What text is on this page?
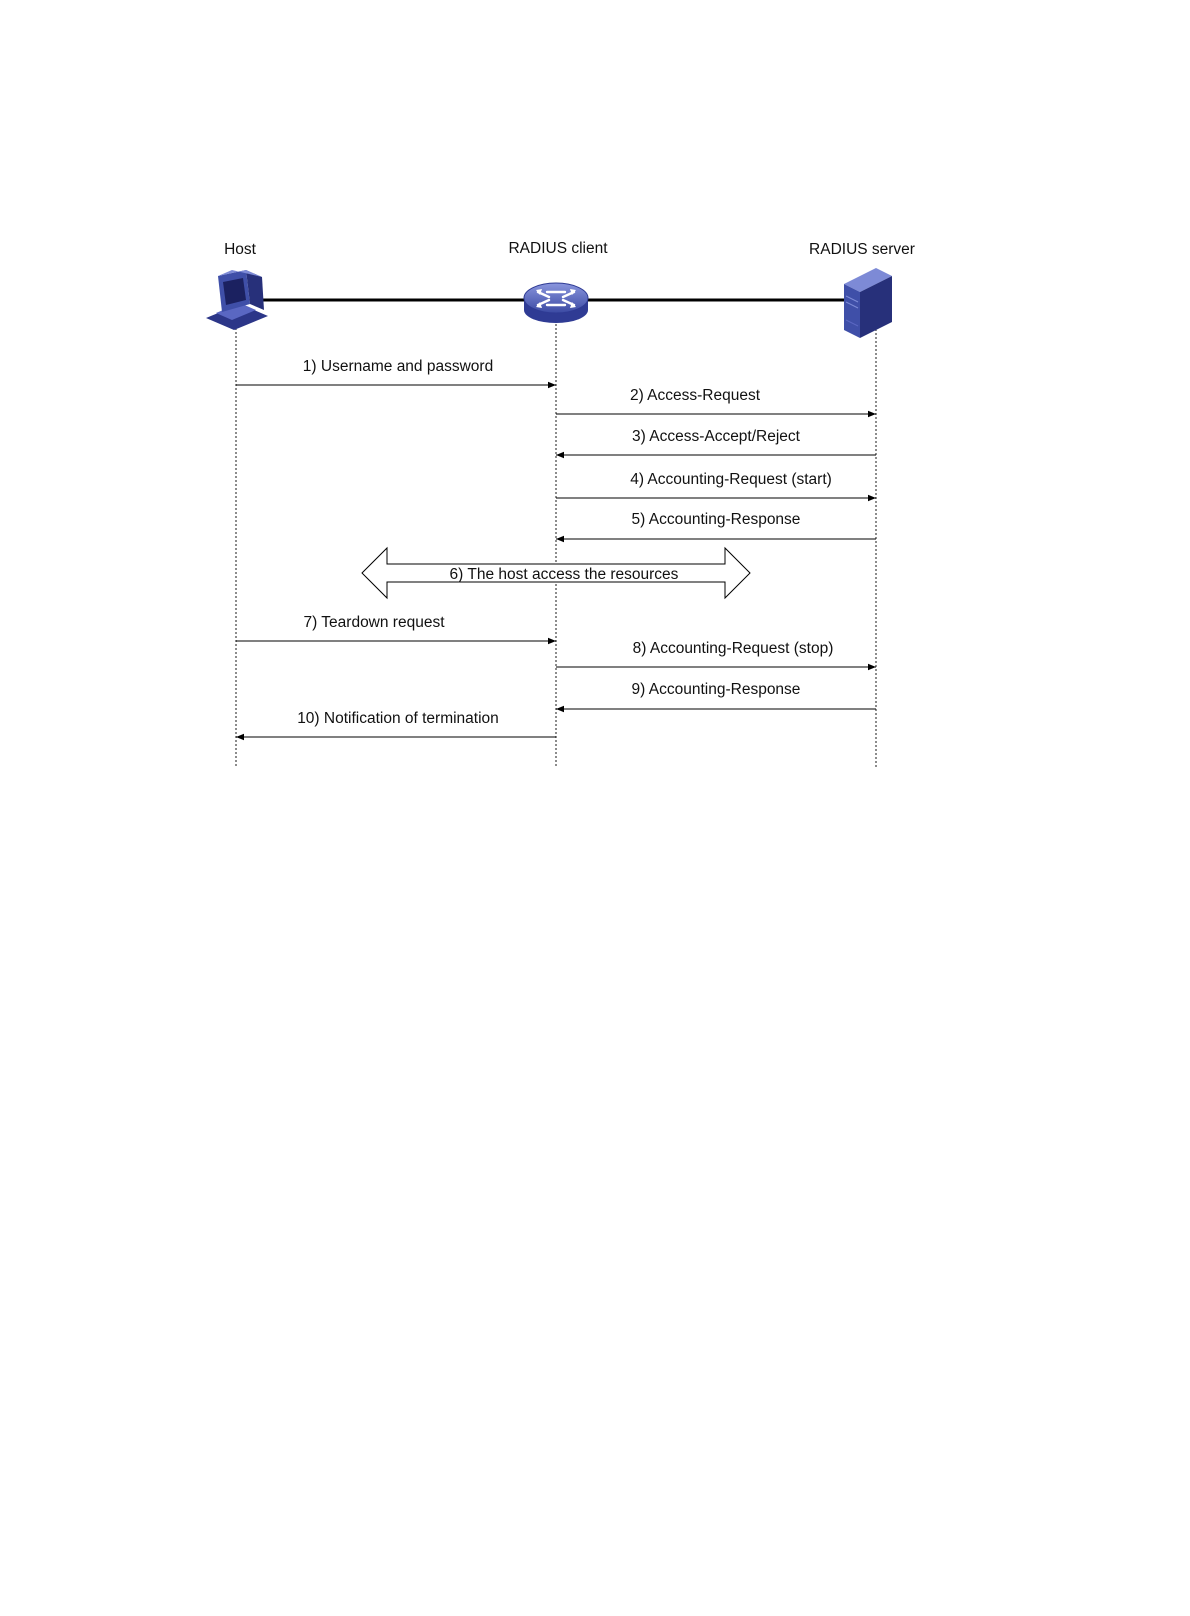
Host	RADIUS client	RADIUS server
1) Username and password
2) Access-Request
3) Access-Accept/Reject
4) Accounting-Request (start)
5) Accounting-Response
6) The host access the resources
7) Teardown request
8) Accounting-Request (stop)
9) Accounting-Response
10) Notification of termination
